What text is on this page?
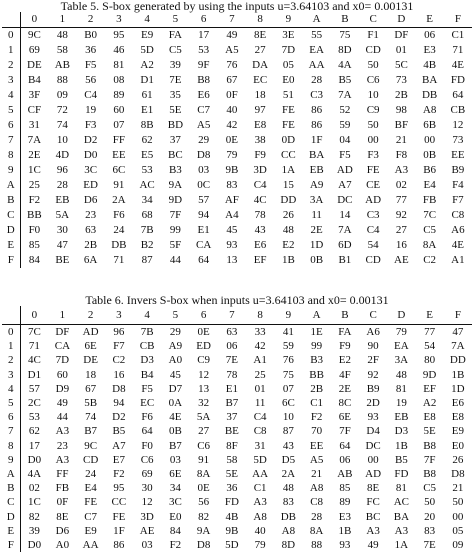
Table 5. S-box generated by using the inputs u=3.64103 and x0= 0.00131
	0	1	2	3	4	5	6	7	8	9	A	B	C	D	E	F
0	9C	48	B0	95	E9	FA	17	49	8E	3E	55	75	F1	DF	06	C1
1	69	58	36	46	5D	C5	53	A5	27	7D	EA	8D	CD	01	E3	71
2	DE	AB	F5	81	A2	39	9F	76	DA	05	AA	4A	50	5C	4B	4E
3	B4	88	56	08	D1	7E	B8	67	EC	E0	28	B5	C6	73	BA	FD
4	3F	09	C4	89	61	35	E6	0F	18	51	C3	7A	10	2B	DB	64
5	CF	72	19	60	E1	5E	C7	40	97	FE	86	52	C9	98	A8	CB
6	31	74	F3	07	8B	BD	A5	42	E8	FE	86	59	50	BF	6B	12
7	7A	10	D2	FF	62	37	29	0E	38	0D	1F	04	00	21	00	73
8	2E	4D	D0	EE	E5	BC	D8	79	F9	CC	BA	F5	F3	F8	0B	EE
9	1C	96	3C	6C	53	B3	03	9B	3D	1A	EB	AD	FE	A3	B6	B9
A	25	28	ED	91	AC	9A	0C	83	C4	15	A9	A7	CE	02	E4	F4
B	F2	EB	D6	2A	34	9D	57	AF	4C	DD	3A	DC	AD	77	FB	F7
C	BB	5A	23	F6	68	7F	94	A4	78	26	11	14	C3	92	7C	C8
D	F0	30	63	24	7B	99	E1	45	43	48	2E	7A	C4	27	C5	A6
E	85	47	2B	DB	B2	5F	CA	93	E6	E2	1D	6D	54	16	8A	4E
F	84	BE	6A	71	87	44	64	13	EF	1B	0B	B1	CD	AE	C2	A1
Table 6. Invers S-box when inputs u=3.64103 and x0= 0.00131
	0	1	2	3	4	5	6	7	8	9	A	B	C	D	E	F
0	7C	DF	AD	96	7B	29	0E	63	33	41	1E	FA	A6	79	77	47
1	71	CA	6E	F7	CB	A9	ED	06	42	59	99	F9	90	EA	54	7A
2	4C	7D	DE	C2	D3	A0	C9	7E	A1	76	B3	E2	2F	3A	80	DD
3	D1	60	18	16	B4	45	12	78	25	75	BB	4F	92	48	9D	1B
4	57	D9	67	D8	F5	D7	13	E1	01	07	2B	2E	B9	81	EF	1D
5	2C	49	5B	94	EC	0A	32	B7	11	6C	C1	8C	2D	19	A2	E6
6	53	44	74	D2	F6	4E	5A	37	C4	10	F2	6E	93	EB	E8	E8
7	62	A3	B7	B5	64	0B	27	BE	C8	87	70	7F	D4	D3	5E	E9
8	17	23	9C	A7	F0	B7	C6	8F	31	43	EE	64	DC	1B	B8	E0
9	D0	A3	CD	E7	C6	03	91	58	5D	D5	A5	06	00	B5	7F	26
A	4A	FF	24	F2	69	6E	8A	5E	AA	2A	21	AB	AD	FD	B8	D8
B	02	FB	E4	95	30	34	0E	36	C1	48	A8	85	8E	81	C5	21
C	1C	0F	FE	CC	12	3C	56	FD	A3	83	C8	89	FC	AC	50	50
D	82	8E	C7	FE	3D	E0	82	4B	A8	DB	28	E3	BC	BA	20	00
E	39	D6	E9	1F	AE	84	9A	9B	40	A8	8A	1B	A3	A3	83	05
F	D0	A0	AA	86	03	F2	D8	5D	79	8D	88	93	49	1A	7E	09
